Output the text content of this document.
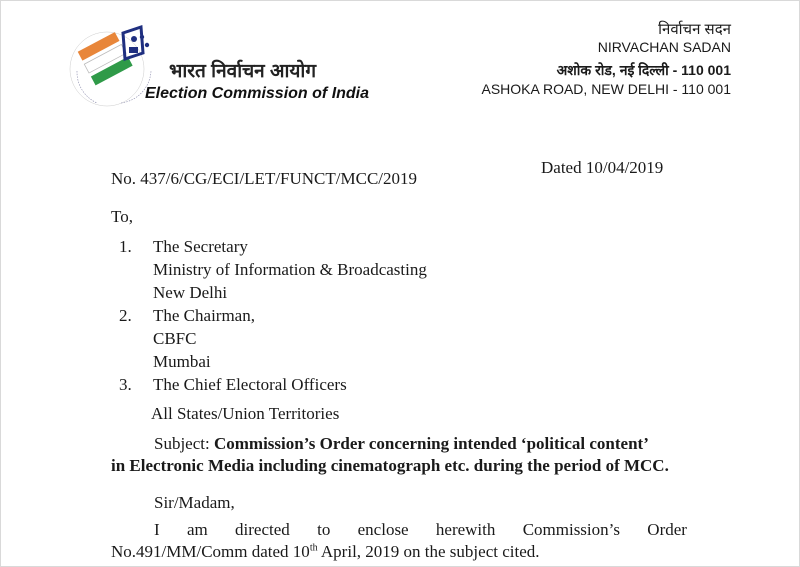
भारत निर्वाचन आयोग
Election Commission of India
निर्वाचन सदन
NIRVACHAN SADAN
अशोक रोड, नई दिल्ली - 110 001
ASHOKA ROAD, NEW DELHI - 110 001
No. 437/6/CG/ECI/LET/FUNCT/MCC/2019
Dated 10/04/2019
To,
1. The Secretary
Ministry of Information & Broadcasting
New Delhi
2. The Chairman,
CBFC
Mumbai
3. The Chief Electoral Officers
All States/Union Territories
Subject: Commission’s Order concerning intended ‘political content’
in Electronic Media including cinematograph etc. during the period of MCC.
Sir/Madam,
I am directed to enclose herewith Commission’s Order
No.491/MM/Comm dated 10th April, 2019 on the subject cited.
